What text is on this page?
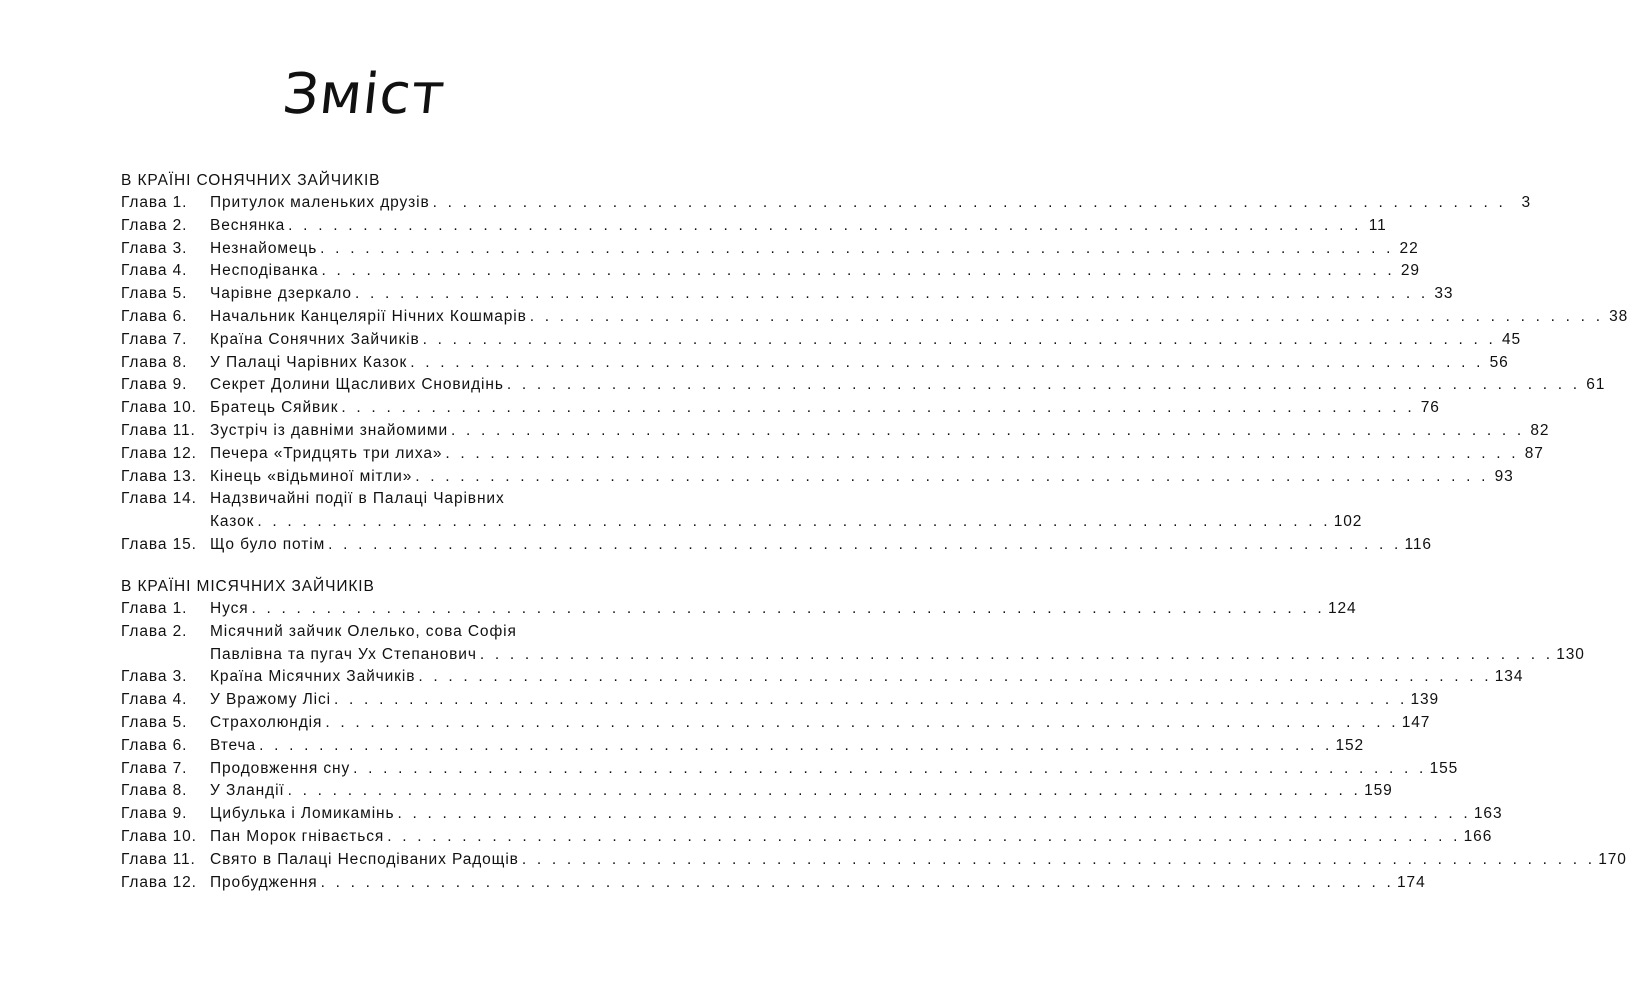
Зміст
В КРАЇНІ СОНЯЧНИХ ЗАЙЧИКІВ
Глава 1.	Притулок маленьких друзів . . . . . . . . . . . . . . . . . . . . . . . . . . . . . . . . . . . . . . . . . . . . . . . . . . . . . . . . . . . . . . . . . . . . . . . . 3
Глава 2.	Веснянка . . . . . . . . . . . . . . . . . . . . . . . . . . . . . . . . . . . . . . . . . . . . . . . . . . . . . . . . . . . . . . . . . . . . . . . . 11
Глава 3.	Незнайомець . . . . . . . . . . . . . . . . . . . . . . . . . . . . . . . . . . . . . . . . . . . . . . . . . . . . . . . . . . . . . . . . . . . . . . . . 22
Глава 4.	Несподіванка . . . . . . . . . . . . . . . . . . . . . . . . . . . . . . . . . . . . . . . . . . . . . . . . . . . . . . . . . . . . . . . . . . . . . . . . 29
Глава 5.	Чарівне дзеркало . . . . . . . . . . . . . . . . . . . . . . . . . . . . . . . . . . . . . . . . . . . . . . . . . . . . . . . . . . . . . . . . . . . . . . . . 33
Глава 6.	Начальник Канцелярії Нічних Кошмарів . . . . . . . . . . . . . . . . . . . . . . . . . . . . . . . . . . . . . . . . . . . . . . . . . . . . . . . . . . . . . . . . . . . . . . . . 38
Глава 7.	Країна Сонячних Зайчиків . . . . . . . . . . . . . . . . . . . . . . . . . . . . . . . . . . . . . . . . . . . . . . . . . . . . . . . . . . . . . . . . . . . . . . . . 45
Глава 8.	У Палаці Чарівних Казок . . . . . . . . . . . . . . . . . . . . . . . . . . . . . . . . . . . . . . . . . . . . . . . . . . . . . . . . . . . . . . . . . . . . . . . . 56
Глава 9.	Секрет Долини Щасливих Сновидінь . . . . . . . . . . . . . . . . . . . . . . . . . . . . . . . . . . . . . . . . . . . . . . . . . . . . . . . . . . . . . . . . . . . . . . . . 61
Глава 10. Братець Сяйвик . . . . . . . . . . . . . . . . . . . . . . . . . . . . . . . . . . . . . . . . . . . . . . . . . . . . . . . . . . . . . . . . . . . . . . . . 76
Глава 11. Зустріч із давніми знайомими . . . . . . . . . . . . . . . . . . . . . . . . . . . . . . . . . . . . . . . . . . . . . . . . . . . . . . . . . . . . . . . . . . . . . . . . 82
Глава 12. Печера «Тридцять три лиха» . . . . . . . . . . . . . . . . . . . . . . . . . . . . . . . . . . . . . . . . . . . . . . . . . . . . . . . . . . . . . . . . . . . . . . . . 87
Глава 13. Кінець «відьминої мітли» . . . . . . . . . . . . . . . . . . . . . . . . . . . . . . . . . . . . . . . . . . . . . . . . . . . . . . . . . . . . . . . . . . . . . . . . 93
Глава 14. Надзвичайні події в Палаці Чарівних
Казок . . . . . . . . . . . . . . . . . . . . . . . . . . . . . . . . . . . . . . . . . . . . . . . . . . . . . . . . . . . . . . . . . . . . . . . . 102
Глава 15. Що було потім . . . . . . . . . . . . . . . . . . . . . . . . . . . . . . . . . . . . . . . . . . . . . . . . . . . . . . . . . . . . . . . . . . . . . . . . 116
В КРАЇНІ МІСЯЧНИХ ЗАЙЧИКІВ
Глава 1.	Нуся . . . . . . . . . . . . . . . . . . . . . . . . . . . . . . . . . . . . . . . . . . . . . . . . . . . . . . . . . . . . . . . . . . . . . . . . 124
Глава 2.	Місячний зайчик Олелько, сова Софія
Павлівна та пугач Ух Степанович . . . . . . . . . . . . . . . . . . . . . . . . . . . . . . . . . . . . . . . . . . . . . . . . . . . . . . . . . . . . . . . . . . . . . . . . 130
Глава 3.	Країна Місячних Зайчиків . . . . . . . . . . . . . . . . . . . . . . . . . . . . . . . . . . . . . . . . . . . . . . . . . . . . . . . . . . . . . . . . . . . . . . . . 134
Глава 4.	У Вражому Лісі . . . . . . . . . . . . . . . . . . . . . . . . . . . . . . . . . . . . . . . . . . . . . . . . . . . . . . . . . . . . . . . . . . . . . . . . 139
Глава 5.	Страхолюндія . . . . . . . . . . . . . . . . . . . . . . . . . . . . . . . . . . . . . . . . . . . . . . . . . . . . . . . . . . . . . . . . . . . . . . . . 147
Глава 6.	Втеча . . . . . . . . . . . . . . . . . . . . . . . . . . . . . . . . . . . . . . . . . . . . . . . . . . . . . . . . . . . . . . . . . . . . . . . . 152
Глава 7.	Продовження сну . . . . . . . . . . . . . . . . . . . . . . . . . . . . . . . . . . . . . . . . . . . . . . . . . . . . . . . . . . . . . . . . . . . . . . . . 155
Глава 8.	У Зландії . . . . . . . . . . . . . . . . . . . . . . . . . . . . . . . . . . . . . . . . . . . . . . . . . . . . . . . . . . . . . . . . . . . . . . . . 159
Глава 9.	Цибулька і Ломикамінь . . . . . . . . . . . . . . . . . . . . . . . . . . . . . . . . . . . . . . . . . . . . . . . . . . . . . . . . . . . . . . . . . . . . . . . . 163
Глава 10. Пан Морок гнівається . . . . . . . . . . . . . . . . . . . . . . . . . . . . . . . . . . . . . . . . . . . . . . . . . . . . . . . . . . . . . . . . . . . . . . . . 166
Глава 11. Свято в Палаці Несподіваних Радощів . . . . . . . . . . . . . . . . . . . . . . . . . . . . . . . . . . . . . . . . . . . . . . . . . . . . . . . . . . . . . . . . . . . . . . . . 170
Глава 12. Пробудження . . . . . . . . . . . . . . . . . . . . . . . . . . . . . . . . . . . . . . . . . . . . . . . . . . . . . . . . . . . . . . . . . . . . . . . . 174
